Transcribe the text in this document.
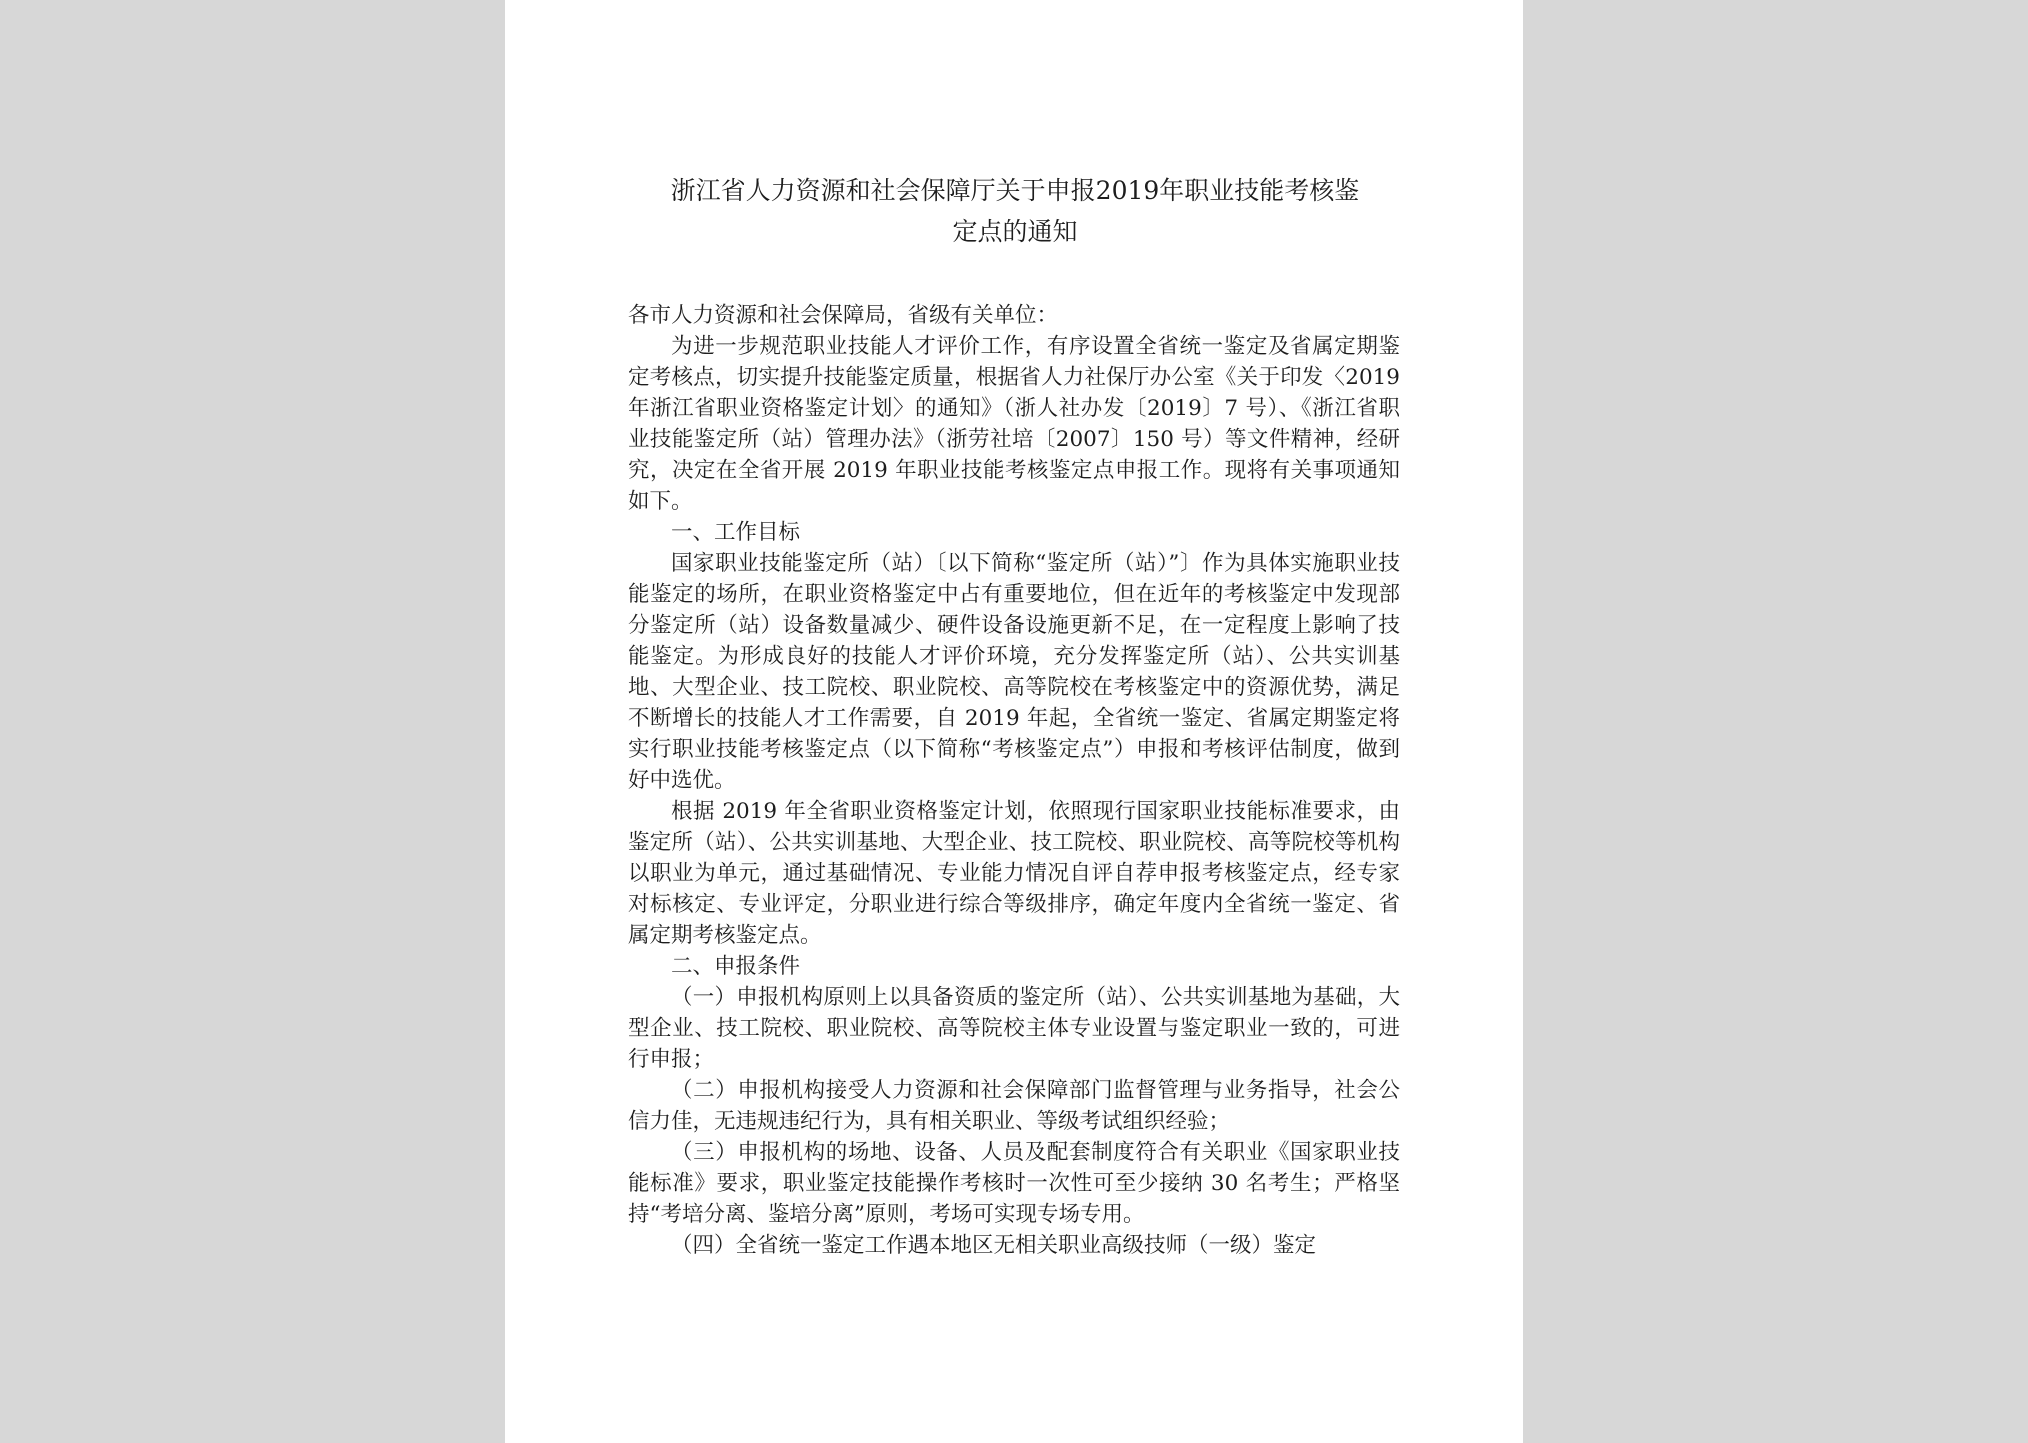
浙江省人力资源和社会保障厅关于申报2019年职业技能考核鉴
定点的通知

各市人力资源和社会保障局，省级有关单位：

为进一步规范职业技能人才评价工作，有序设置全省统一鉴定及省属定期鉴定考核点，切实提升技能鉴定质量，根据省人力社保厅办公室《关于印发〈2019 年浙江省职业资格鉴定计划〉的通知》（浙人社办发〔2019〕7 号）、《浙江省职业技能鉴定所（站）管理办法》（浙劳社培〔2007〕150 号）等文件精神，经研究，决定在全省开展 2019 年职业技能考核鉴定点申报工作。现将有关事项通知如下。

一、工作目标

国家职业技能鉴定所（站）〔以下简称“鉴定所（站）”〕作为具体实施职业技能鉴定的场所，在职业资格鉴定中占有重要地位，但在近年的考核鉴定中发现部分鉴定所（站）设备数量减少、硬件设备设施更新不足，在一定程度上影响了技能鉴定。为形成良好的技能人才评价环境，充分发挥鉴定所（站）、公共实训基地、大型企业、技工院校、职业院校、高等院校在考核鉴定中的资源优势，满足不断增长的技能人才工作需要，自 2019 年起，全省统一鉴定、省属定期鉴定将实行职业技能考核鉴定点（以下简称“考核鉴定点”）申报和考核评估制度，做到好中选优。

根据 2019 年全省职业资格鉴定计划，依照现行国家职业技能标准要求，由鉴定所（站）、公共实训基地、大型企业、技工院校、职业院校、高等院校等机构以职业为单元，通过基础情况、专业能力情况自评自荐申报考核鉴定点，经专家对标核定、专业评定，分职业进行综合等级排序，确定年度内全省统一鉴定、省属定期考核鉴定点。

二、申报条件

（一）申报机构原则上以具备资质的鉴定所（站）、公共实训基地为基础，大型企业、技工院校、职业院校、高等院校主体专业设置与鉴定职业一致的，可进行申报；

（二）申报机构接受人力资源和社会保障部门监督管理与业务指导，社会公信力佳，无违规违纪行为，具有相关职业、等级考试组织经验；

（三）申报机构的场地、设备、人员及配套制度符合有关职业《国家职业技能标准》要求，职业鉴定技能操作考核时一次性可至少接纳 30 名考生；严格坚持“考培分离、鉴培分离”原则，考场可实现专场专用。

（四）全省统一鉴定工作遇本地区无相关职业高级技师（一级）鉴定
